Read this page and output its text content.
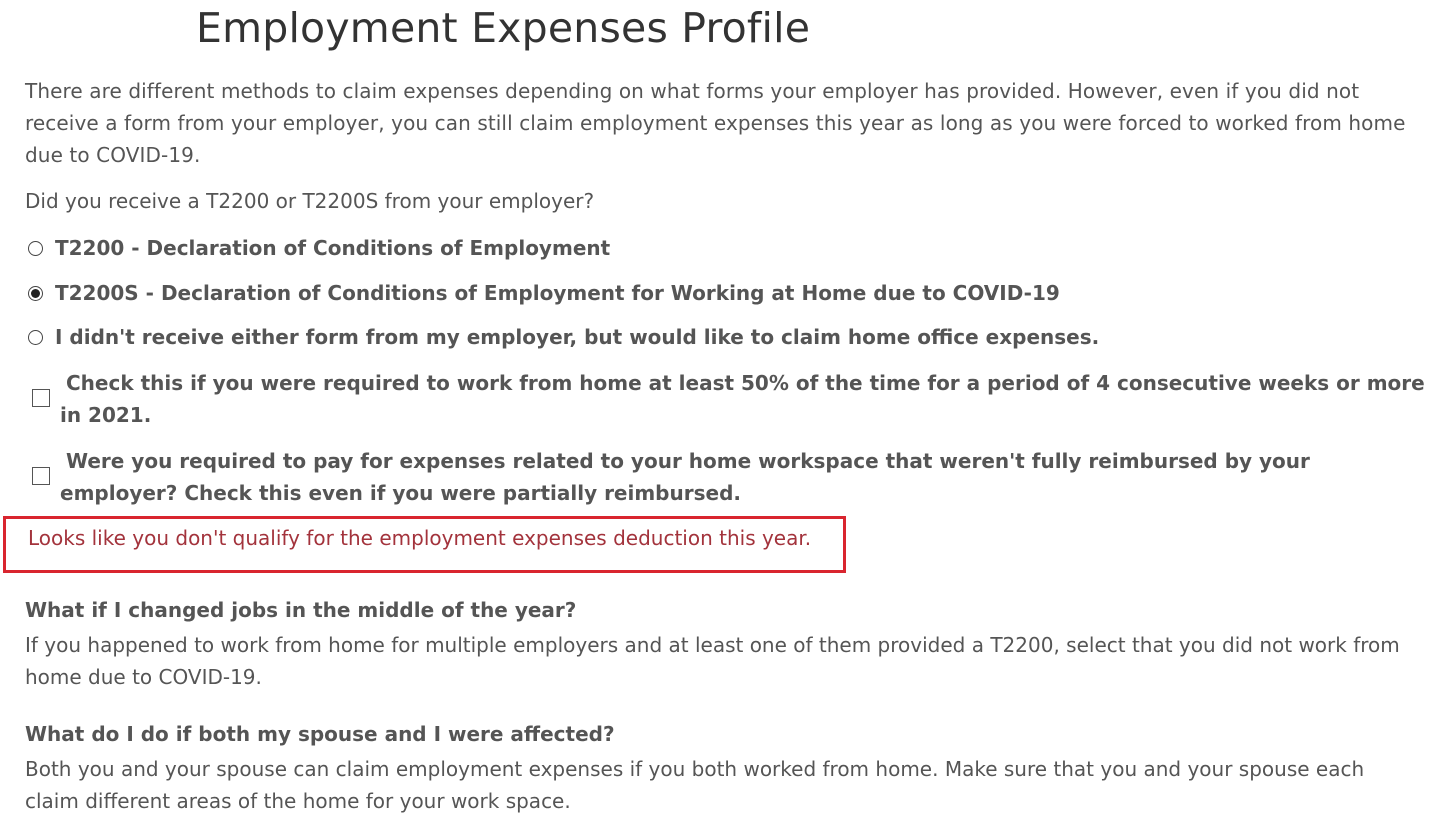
Employment Expenses Profile

There are different methods to claim expenses depending on what forms your employer has provided. However, even if you did not receive a form from your employer, you can still claim employment expenses this year as long as you were forced to worked from home due to COVID-19.

Did you receive a T2200 or T2200S from your employer?

T2200 - Declaration of Conditions of Employment
T2200S - Declaration of Conditions of Employment for Working at Home due to COVID-19
I didn't receive either form from my employer, but would like to claim home office expenses.
Check this if you were required to work from home at least 50% of the time for a period of 4 consecutive weeks or more in 2021.
Were you required to pay for expenses related to your home workspace that weren't fully reimbursed by your employer? Check this even if you were partially reimbursed.

Looks like you don't qualify for the employment expenses deduction this year.

What if I changed jobs in the middle of the year?

If you happened to work from home for multiple employers and at least one of them provided a T2200, select that you did not work from home due to COVID-19.

What do I do if both my spouse and I were affected?

Both you and your spouse can claim employment expenses if you both worked from home. Make sure that you and your spouse each claim different areas of the home for your work space.
